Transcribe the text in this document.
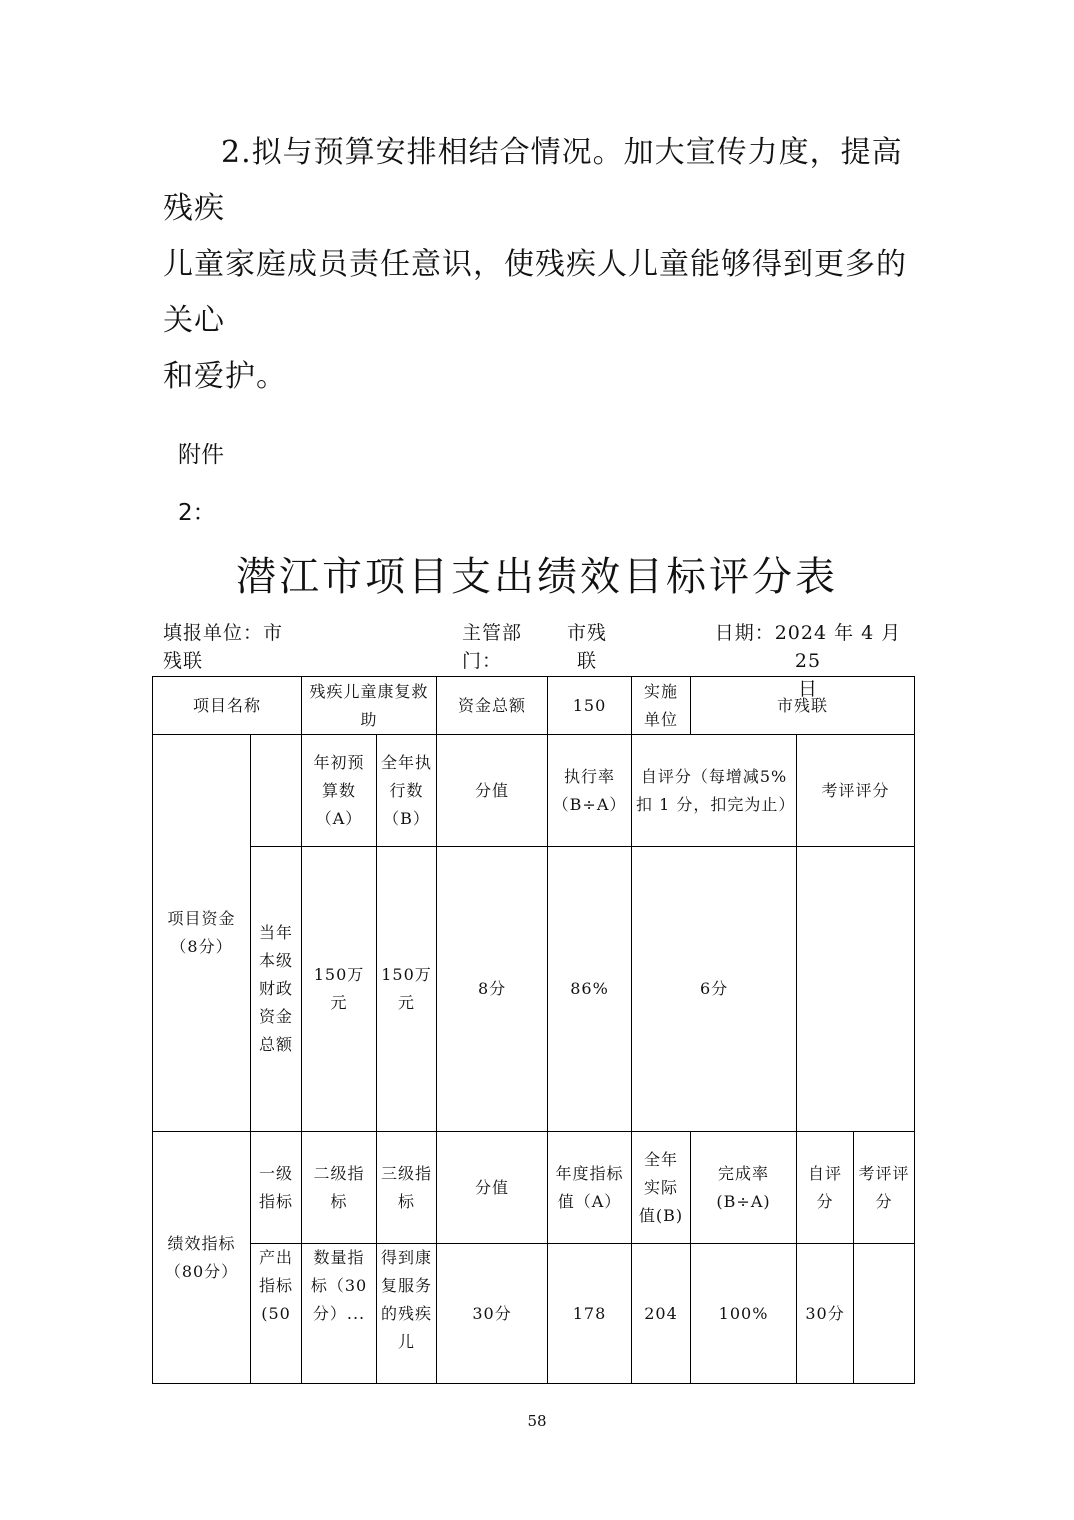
2.拟与预算安排相结合情况。加大宣传力度，提高残疾

儿童家庭成员责任意识，使残疾人儿童能够得到更多的关心

和爱护。

附件
2：
潜江市项目支出绩效目标评分表
填报单位：市
残联
主管部
门：
市残
联
日期：2024 年 4 月 25
日
项目名称		残疾儿童康复救助		资金总额	150	实施单位	市残联		
项目资金（8分）		年初预算数（A）	全年执行数（B）	分值	执行率（B÷A）	自评分（每增减5%扣 1 分，扣完为止）		考评评分	
	当年本级财政资金总额	150万元	150万元	8分	86%	6分			
绩效指标（80分）	一级指标	二级指标	三级指标	分值	年度指标值（A）	全年实际值(B)	完成率(B÷A)	自评分	考评评分
	产出指标(50	数量指标（30分）...	得到康复服务的残疾儿	30分	178	204	100%	30分	
58
